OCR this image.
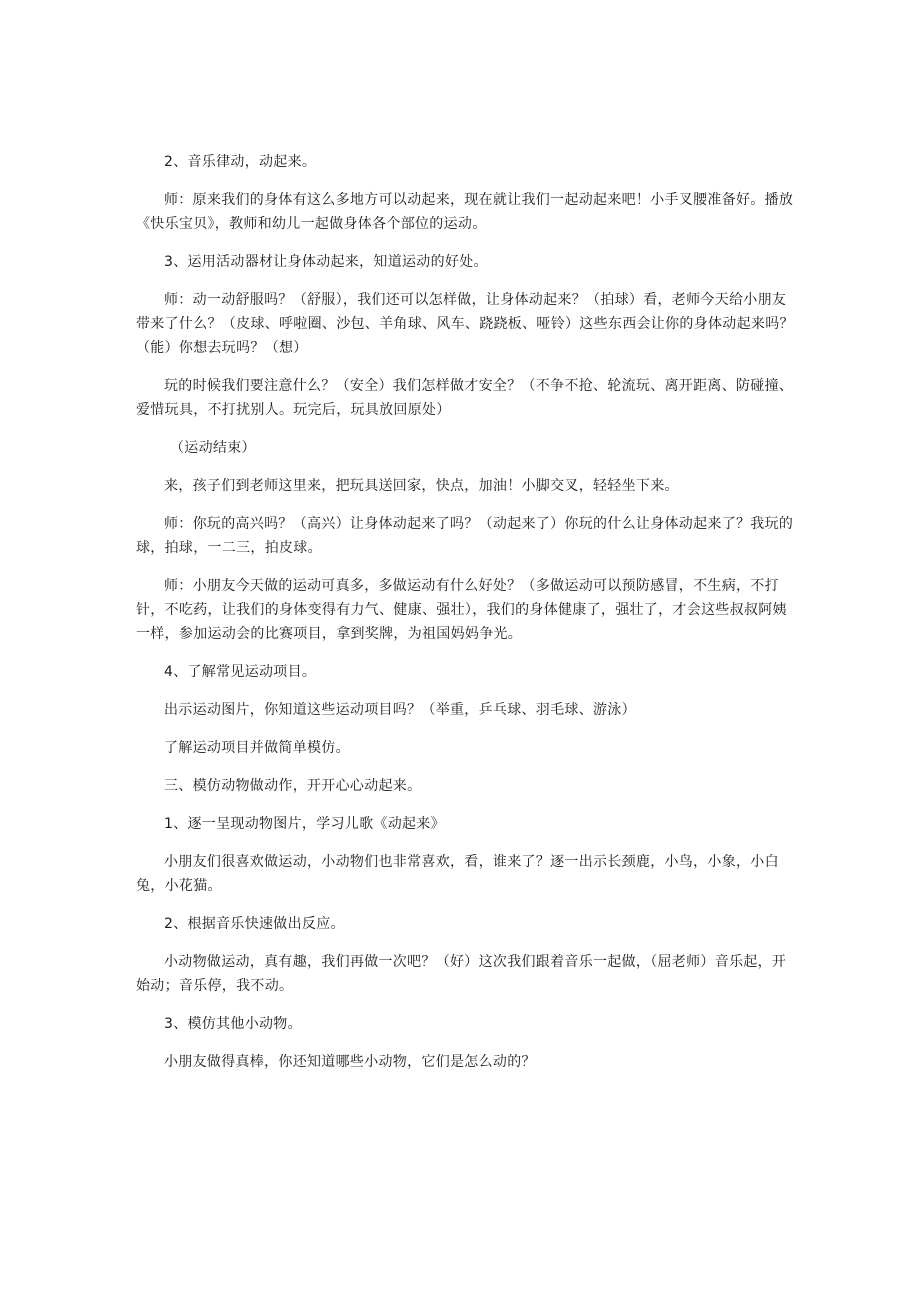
2、音乐律动，动起来。

师：原来我们的身体有这么多地方可以动起来，现在就让我们一起动起来吧！小手叉腰准备好。播放《快乐宝贝》，教师和幼儿一起做身体各个部位的运动。

3、运用活动器材让身体动起来，知道运动的好处。

师：动一动舒服吗？（舒服），我们还可以怎样做，让身体动起来？（拍球）看，老师今天给小朋友带来了什么？（皮球、呼啦圈、沙包、羊角球、风车、跷跷板、哑铃）这些东西会让你的身体动起来吗？（能）你想去玩吗？（想）

玩的时候我们要注意什么？（安全）我们怎样做才安全？（不争不抢、轮流玩、离开距离、防碰撞、爱惜玩具，不打扰别人。玩完后，玩具放回原处）

（运动结束）

来，孩子们到老师这里来，把玩具送回家，快点，加油！小脚交叉，轻轻坐下来。

师：你玩的高兴吗？（高兴）让身体动起来了吗？（动起来了）你玩的什么让身体动起来了？我玩的球，拍球，一二三，拍皮球。

师：小朋友今天做的运动可真多，多做运动有什么好处？（多做运动可以预防感冒，不生病，不打针，不吃药，让我们的身体变得有力气、健康、强壮），我们的身体健康了，强壮了，才会这些叔叔阿姨一样，参加运动会的比赛项目，拿到奖牌，为祖国妈妈争光。

4、了解常见运动项目。

出示运动图片，你知道这些运动项目吗？（举重，乒乓球、羽毛球、游泳）

了解运动项目并做简单模仿。

三、模仿动物做动作，开开心心动起来。

1、逐一呈现动物图片，学习儿歌《动起来》

小朋友们很喜欢做运动，小动物们也非常喜欢，看，谁来了？逐一出示长颈鹿，小鸟，小象，小白兔，小花猫。

2、根据音乐快速做出反应。

小动物做运动，真有趣，我们再做一次吧？（好）这次我们跟着音乐一起做，（屈老师）音乐起，开始动；音乐停，我不动。

3、模仿其他小动物。

小朋友做得真棒，你还知道哪些小动物，它们是怎么动的？
